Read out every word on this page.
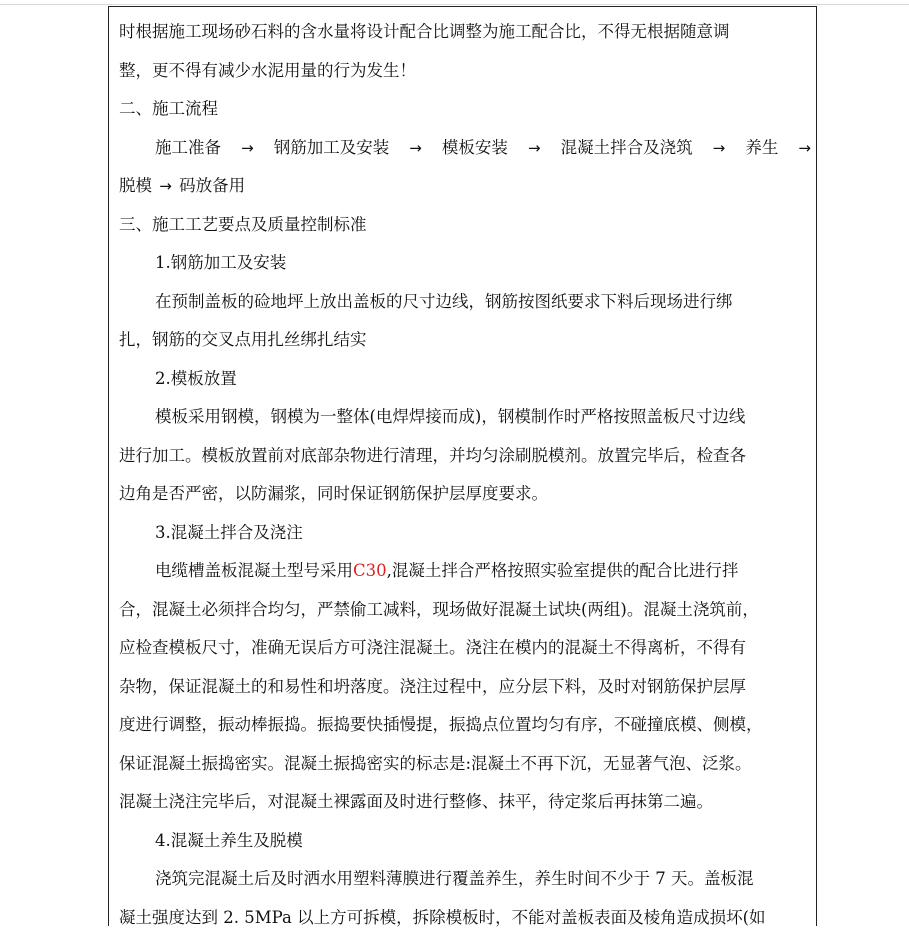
时根据施工现场砂石料的含水量将设计配合比调整为施工配合比，不得无根据随意调
整，更不得有减少水泥用量的行为发生！
二、施工流程
施工准备 → 钢筋加工及安装 → 模板安装 → 混凝土拌合及浇筑 → 养生 →
脱模 → 码放备用
三、施工工艺要点及质量控制标准
1.钢筋加工及安装
在预制盖板的硷地坪上放出盖板的尺寸边线，钢筋按图纸要求下料后现场进行绑
扎，钢筋的交叉点用扎丝绑扎结实
2.模板放置
模板采用钢模，钢模为一整体(电焊焊接而成)，钢模制作时严格按照盖板尺寸边线
进行加工。模板放置前对底部杂物进行清理，并均匀涂刷脱模剂。放置完毕后，检查各
边角是否严密，以防漏浆，同时保证钢筋保护层厚度要求。
3.混凝土拌合及浇注
电缆槽盖板混凝土型号采用C30,混凝土拌合严格按照实验室提供的配合比进行拌
合，混凝土必须拌合均匀，严禁偷工减料，现场做好混凝土试块(两组)。混凝土浇筑前，
应检查模板尺寸，准确无误后方可浇注混凝土。浇注在模内的混凝土不得离析，不得有
杂物，保证混凝土的和易性和坍落度。浇注过程中，应分层下料，及时对钢筋保护层厚
度进行调整，振动棒振捣。振捣要快插慢提，振捣点位置均匀有序，不碰撞底模、侧模，
保证混凝土振捣密实。混凝土振捣密实的标志是:混凝土不再下沉，无显著气泡、泛浆。
混凝土浇注完毕后，对混凝土裸露面及时进行整修、抹平，待定浆后再抹第二遍。
4.混凝土养生及脱模
浇筑完混凝土后及时洒水用塑料薄膜进行覆盖养生，养生时间不少于 7 天。盖板混
凝土强度达到 2. 5MPa 以上方可拆模，拆除模板时，不能对盖板表面及棱角造成损坏(如
